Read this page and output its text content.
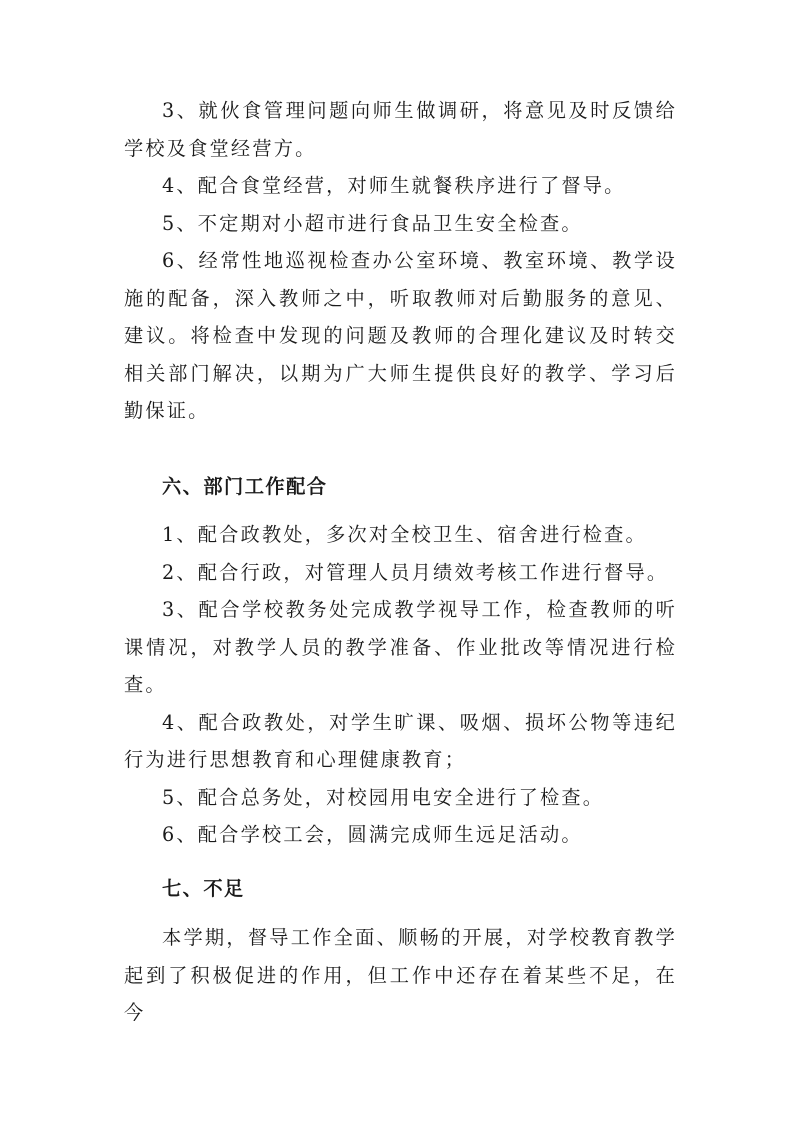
3、就伙食管理问题向师生做调研，将意见及时反馈给学校及食堂经营方。

4、配合食堂经营，对师生就餐秩序进行了督导。

5、不定期对小超市进行食品卫生安全检查。

6、经常性地巡视检查办公室环境、教室环境、教学设施的配备，深入教师之中，听取教师对后勤服务的意见、建议。将检查中发现的问题及教师的合理化建议及时转交相关部门解决，以期为广大师生提供良好的教学、学习后勤保证。

六、部门工作配合

1、配合政教处，多次对全校卫生、宿舍进行检查。

2、配合行政，对管理人员月绩效考核工作进行督导。

3、配合学校教务处完成教学视导工作，检查教师的听课情况，对教学人员的教学准备、作业批改等情况进行检查。

4、配合政教处，对学生旷课、吸烟、损坏公物等违纪行为进行思想教育和心理健康教育；

5、配合总务处，对校园用电安全进行了检查。

6、配合学校工会，圆满完成师生远足活动。

七、不足

本学期，督导工作全面、顺畅的开展，对学校教育教学起到了积极促进的作用，但工作中还存在着某些不足，在今
